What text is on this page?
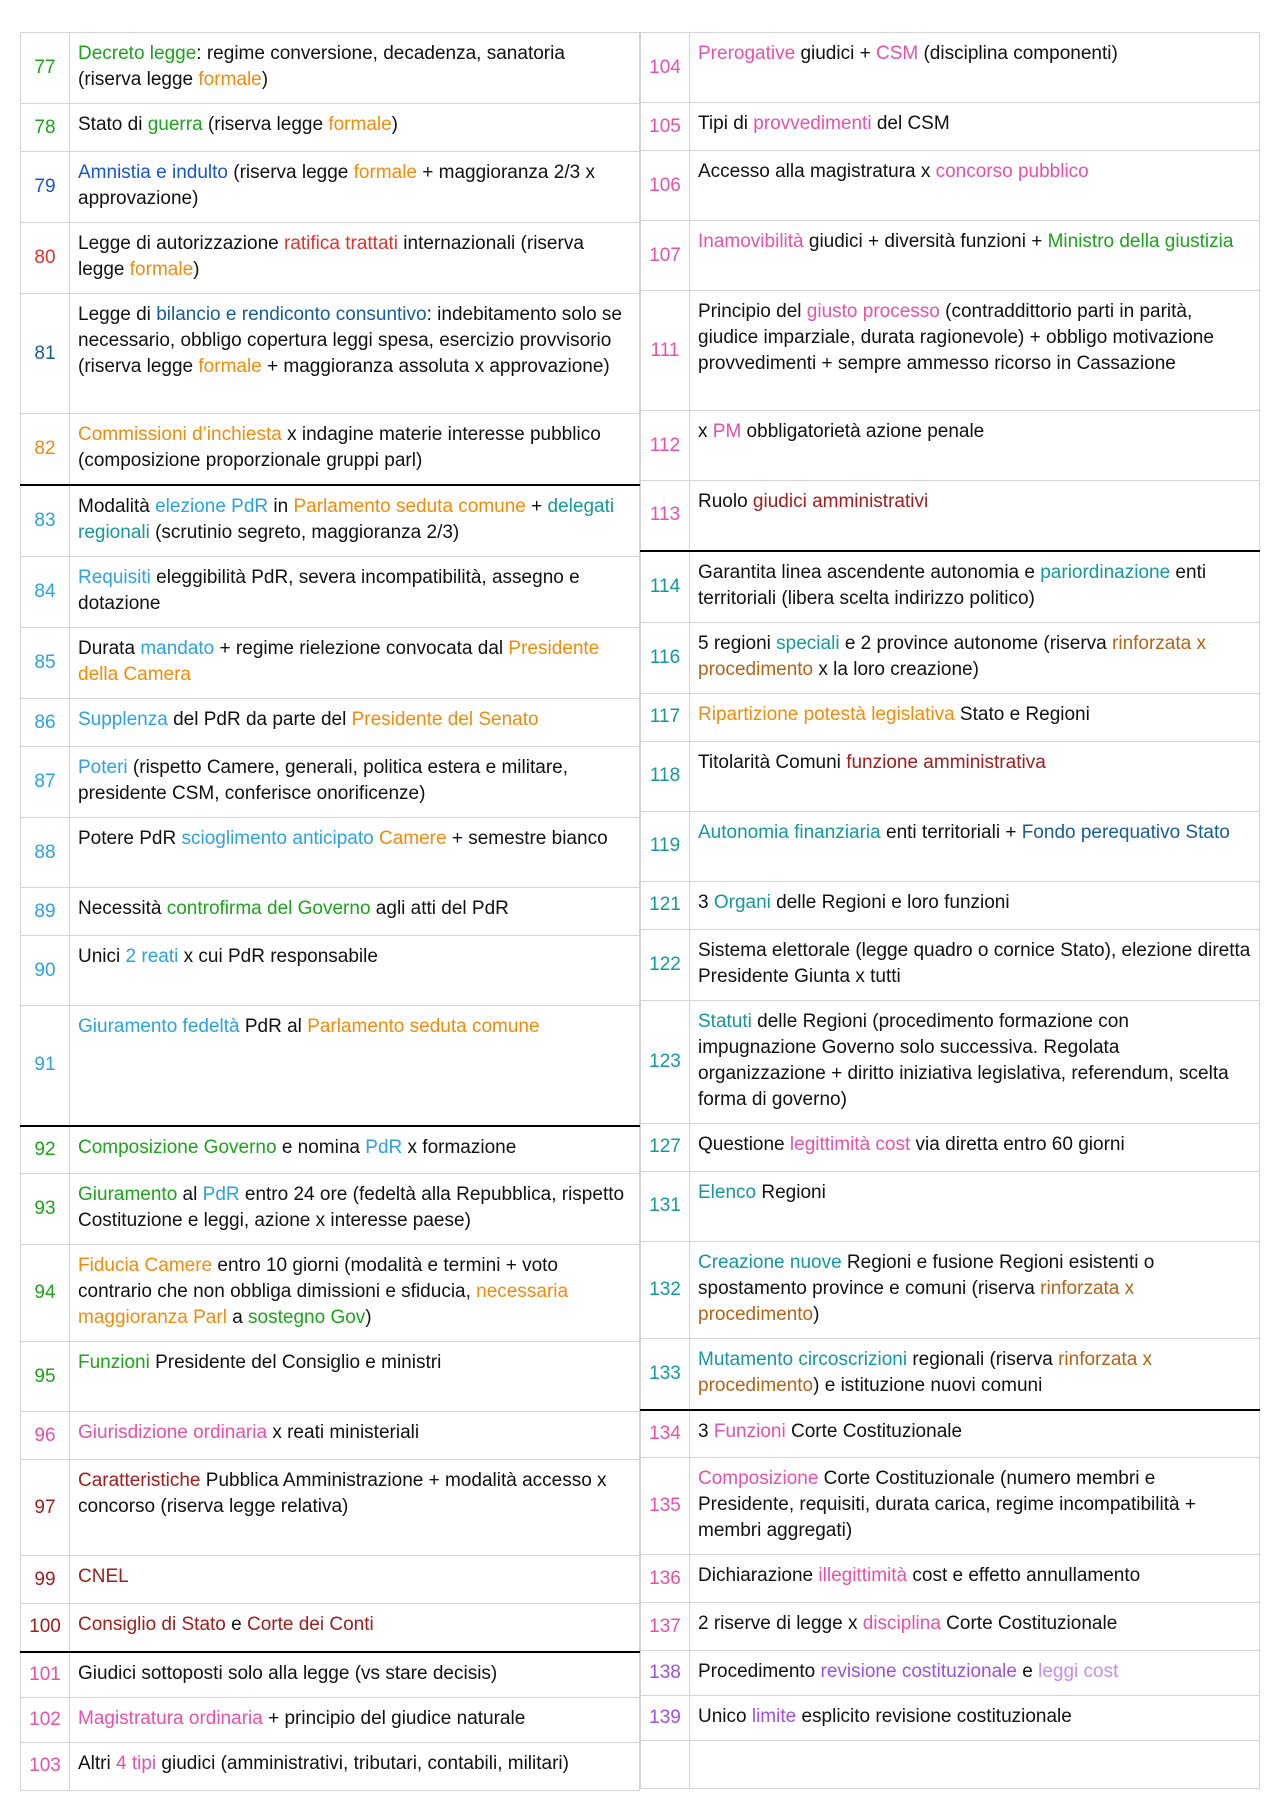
77	Decreto legge: regime conversione, decadenza, sanatoria (riserva legge formale)

78	Stato di guerra (riserva legge formale)

79	Amnistia e indulto (riserva legge formale + maggioranza 2/3 x approvazione)

80	Legge di autorizzazione ratifica trattati internazionali (riserva legge formale)

81	Legge di bilancio e rendiconto consuntivo: indebitamento solo se necessario, obbligo copertura leggi spesa, esercizio provvisorio (riserva legge formale + maggioranza assoluta x approvazione)

82	Commissioni d’inchiesta x indagine materie interesse pubblico (composizione proporzionale gruppi parl)

83	Modalità elezione PdR in Parlamento seduta comune + delegati regionali (scrutinio segreto, maggioranza 2/3)

84	Requisiti eleggibilità PdR, severa incompatibilità, assegno e dotazione

85	Durata mandato + regime rielezione convocata dal Presidente della Camera

86	Supplenza del PdR da parte del Presidente del Senato

87	Poteri (rispetto Camere, generali, politica estera e militare, presidente CSM, conferisce onorificenze)

88	Potere PdR scioglimento anticipato Camere + semestre bianco

89	Necessità controfirma del Governo agli atti del PdR

90	Unici 2 reati x cui PdR responsabile

91	Giuramento fedeltà PdR al Parlamento seduta comune

92	Composizione Governo e nomina PdR x formazione

93	Giuramento al PdR entro 24 ore (fedeltà alla Repubblica, rispetto Costituzione e leggi, azione x interesse paese)

94	Fiducia Camere entro 10 giorni (modalità e termini + voto contrario che non obbliga dimissioni e sfiducia, necessaria maggioranza Parl a sostegno Gov)

95	Funzioni Presidente del Consiglio e ministri

96	Giurisdizione ordinaria x reati ministeriali

97	Caratteristiche Pubblica Amministrazione + modalità accesso x concorso (riserva legge relativa)

99	CNEL

100	Consiglio di Stato e Corte dei Conti

101	Giudici sottoposti solo alla legge (vs stare decisis)

102	Magistratura ordinaria + principio del giudice naturale

103	Altri 4 tipi giudici (amministrativi, tributari, contabili, militari)
104	Prerogative giudici + CSM (disciplina componenti)

105	Tipi di provvedimenti del CSM

106	Accesso alla magistratura x concorso pubblico

107	Inamovibilità giudici + diversità funzioni + Ministro della giustizia

111	Principio del giusto processo (contraddittorio parti in parità, giudice imparziale, durata ragionevole) + obbligo motivazione provvedimenti + sempre ammesso ricorso in Cassazione

112	x PM obbligatorietà azione penale

113	Ruolo giudici amministrativi

114	Garantita linea ascendente autonomia e pariordinazione enti territoriali (libera scelta indirizzo politico)

116	5 regioni speciali e 2 province autonome (riserva rinforzata x procedimento x la loro creazione)

117	Ripartizione potestà legislativa Stato e Regioni

118	Titolarità Comuni funzione amministrativa

119	Autonomia finanziaria enti territoriali + Fondo perequativo Stato

121	3 Organi delle Regioni e loro funzioni

122	Sistema elettorale (legge quadro o cornice Stato), elezione diretta Presidente Giunta x tutti

123	Statuti delle Regioni (procedimento formazione con impugnazione Governo solo successiva. Regolata organizzazione + diritto iniziativa legislativa, referendum, scelta forma di governo)

127	Questione legittimità cost via diretta entro 60 giorni

131	Elenco Regioni

132	Creazione nuove Regioni e fusione Regioni esistenti o spostamento province e comuni (riserva rinforzata x procedimento)

133	Mutamento circoscrizioni regionali (riserva rinforzata x procedimento) e istituzione nuovi comuni

134	3 Funzioni Corte Costituzionale

135	Composizione Corte Costituzionale (numero membri e Presidente, requisiti, durata carica, regime incompatibilità + membri aggregati)

136	Dichiarazione illegittimità cost e effetto annullamento

137	2 riserve di legge x disciplina Corte Costituzionale

138	Procedimento revisione costituzionale e leggi cost

139	Unico limite esplicito revisione costituzionale
